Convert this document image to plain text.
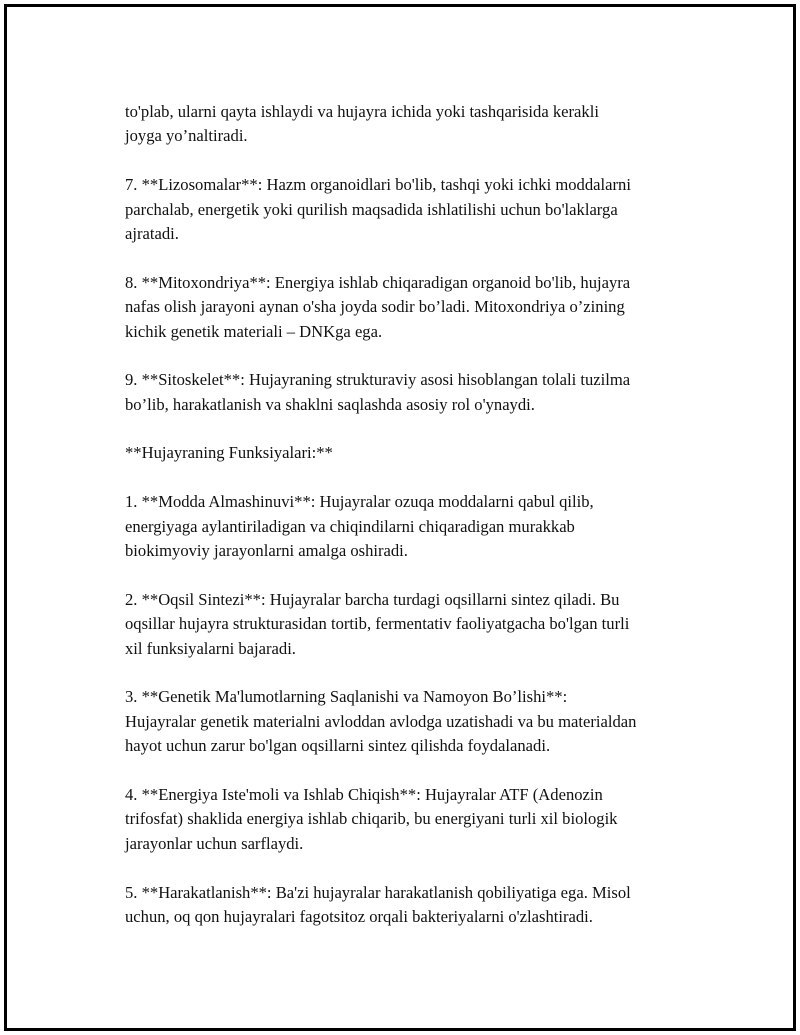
to'plab, ularni qayta ishlaydi va hujayra ichida yoki tashqarisida kerakli
joyga yo’naltiradi.
7. **Lizosomalar**: Hazm organoidlari bo'lib, tashqi yoki ichki moddalarni
parchalab, energetik yoki qurilish maqsadida ishlatilishi uchun bo'laklarga
ajratadi.
8. **Mitoxondriya**: Energiya ishlab chiqaradigan organoid bo'lib, hujayra
nafas olish jarayoni aynan o'sha joyda sodir bo’ladi. Mitoxondriya o’zining
kichik genetik materiali – DNKga ega.
9. **Sitoskelet**: Hujayraning strukturaviy asosi hisoblangan tolali tuzilma
bo’lib, harakatlanish va shaklni saqlashda asosiy rol o'ynaydi.
**Hujayraning Funksiyalari:**
1. **Modda Almashinuvi**: Hujayralar ozuqa moddalarni qabul qilib,
energiyaga aylantiriladigan va chiqindilarni chiqaradigan murakkab
biokimyoviy jarayonlarni amalga oshiradi.
2. **Oqsil Sintezi**: Hujayralar barcha turdagi oqsillarni sintez qiladi. Bu
oqsillar hujayra strukturasidan tortib, fermentativ faoliyatgacha bo'lgan turli
xil funksiyalarni bajaradi.
3. **Genetik Ma'lumotlarning Saqlanishi va Namoyon Bo’lishi**:
Hujayralar genetik materialni avloddan avlodga uzatishadi va bu materialdan
hayot uchun zarur bo'lgan oqsillarni sintez qilishda foydalanadi.
4. **Energiya Iste'moli va Ishlab Chiqish**: Hujayralar ATF (Adenozin
trifosfat) shaklida energiya ishlab chiqarib, bu energiyani turli xil biologik
jarayonlar uchun sarflaydi.
5. **Harakatlanish**: Ba'zi hujayralar harakatlanish qobiliyatiga ega. Misol
uchun, oq qon hujayralari fagotsitoz orqali bakteriyalarni o'zlashtiradi.
